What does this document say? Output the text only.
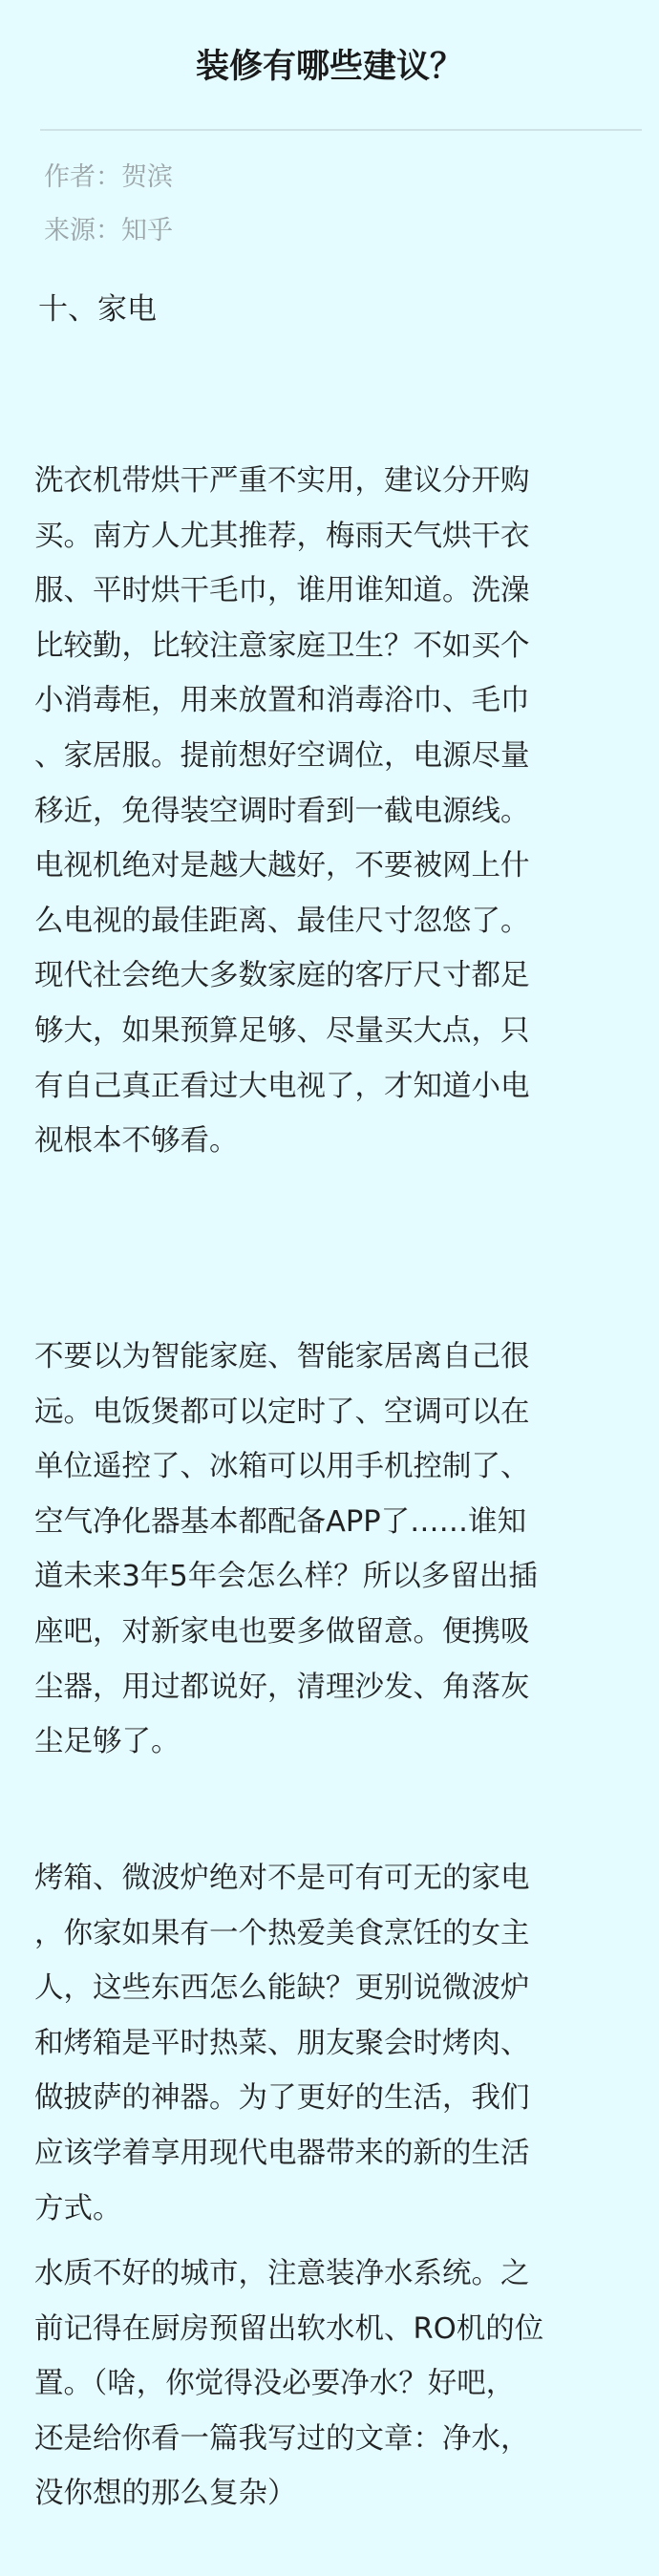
装修有哪些建议？
作者：贺滨
来源：知乎
十、家电

洗衣机带烘干严重不实用，建议分开购
买。南方人尤其推荐，梅雨天气烘干衣
服、平时烘干毛巾，谁用谁知道。洗澡
比较勤，比较注意家庭卫生？不如买个
小消毒柜，用来放置和消毒浴巾、毛巾
、家居服。提前想好空调位，电源尽量
移近，免得装空调时看到一截电源线。
电视机绝对是越大越好，不要被网上什
么电视的最佳距离、最佳尺寸忽悠了。
现代社会绝大多数家庭的客厅尺寸都足
够大，如果预算足够、尽量买大点，只
有自己真正看过大电视了，才知道小电
视根本不够看。

不要以为智能家庭、智能家居离自己很
远。电饭煲都可以定时了、空调可以在
单位遥控了、冰箱可以用手机控制了、
空气净化器基本都配备APP了……谁知
道未来3年5年会怎么样？所以多留出插
座吧，对新家电也要多做留意。便携吸
尘器，用过都说好，清理沙发、角落灰
尘足够了。

烤箱、微波炉绝对不是可有可无的家电
，你家如果有一个热爱美食烹饪的女主
人，这些东西怎么能缺？更别说微波炉
和烤箱是平时热菜、朋友聚会时烤肉、
做披萨的神器。为了更好的生活，我们
应该学着享用现代电器带来的新的生活
方式。

水质不好的城市，注意装净水系统。之
前记得在厨房预留出软水机、RO机的位
置。（啥，你觉得没必要净水？好吧，
还是给你看一篇我写过的文章：净水，
没你想的那么复杂）
